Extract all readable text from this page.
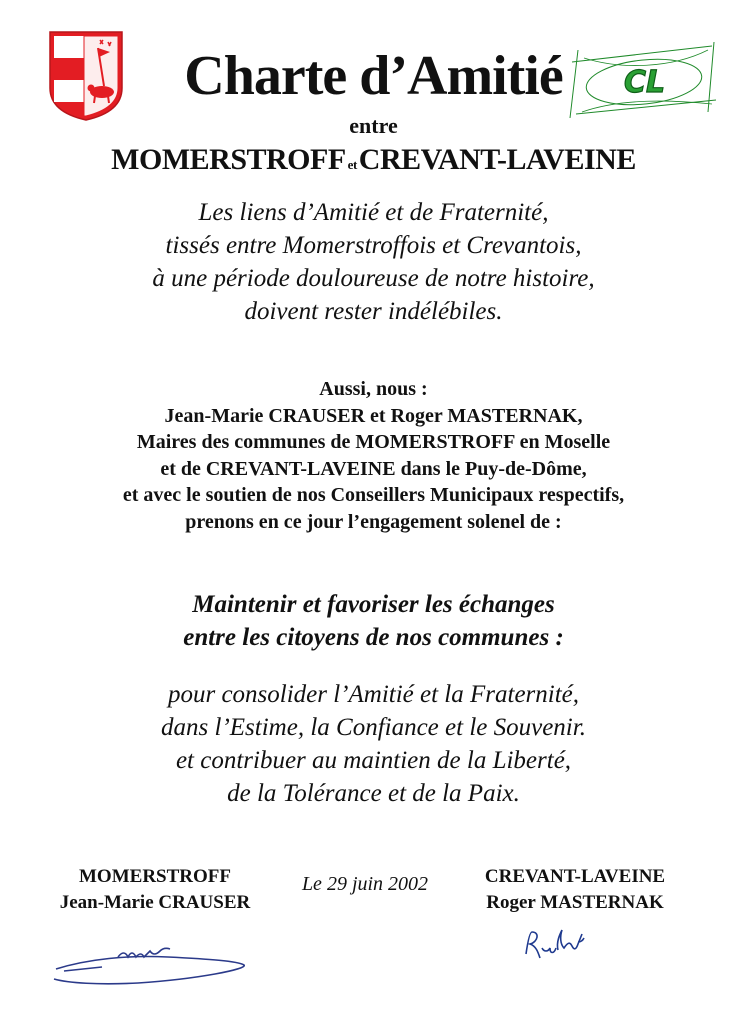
CL
Charte d’Amitié
entre
MOMERSTROFF etCREVANT-LAVEINE
Les liens d’Amitié et de Fraternité,
tissés entre Momerstroffois et Crevantois,
à une période douloureuse de notre histoire,
doivent rester indélébiles.
Aussi, nous :
Jean-Marie CRAUSER et Roger MASTERNAK,
Maires des communes de MOMERSTROFF en Moselle
et de CREVANT-LAVEINE dans le Puy-de-Dôme,
et avec le soutien de nos Conseillers Municipaux respectifs,
prenons en ce jour l’engagement solenel de :
Maintenir et favoriser les échanges
entre les citoyens de nos communes :
pour consolider l’Amitié et la Fraternité,
dans l’Estime, la Confiance et le Souvenir.
et contribuer au maintien de la Liberté,
de la Tolérance et de la Paix.
MOMERSTROFF
Jean-Marie CRAUSER
Le 29 juin 2002	CREVANT-LAVEINE
Roger MASTERNAK
